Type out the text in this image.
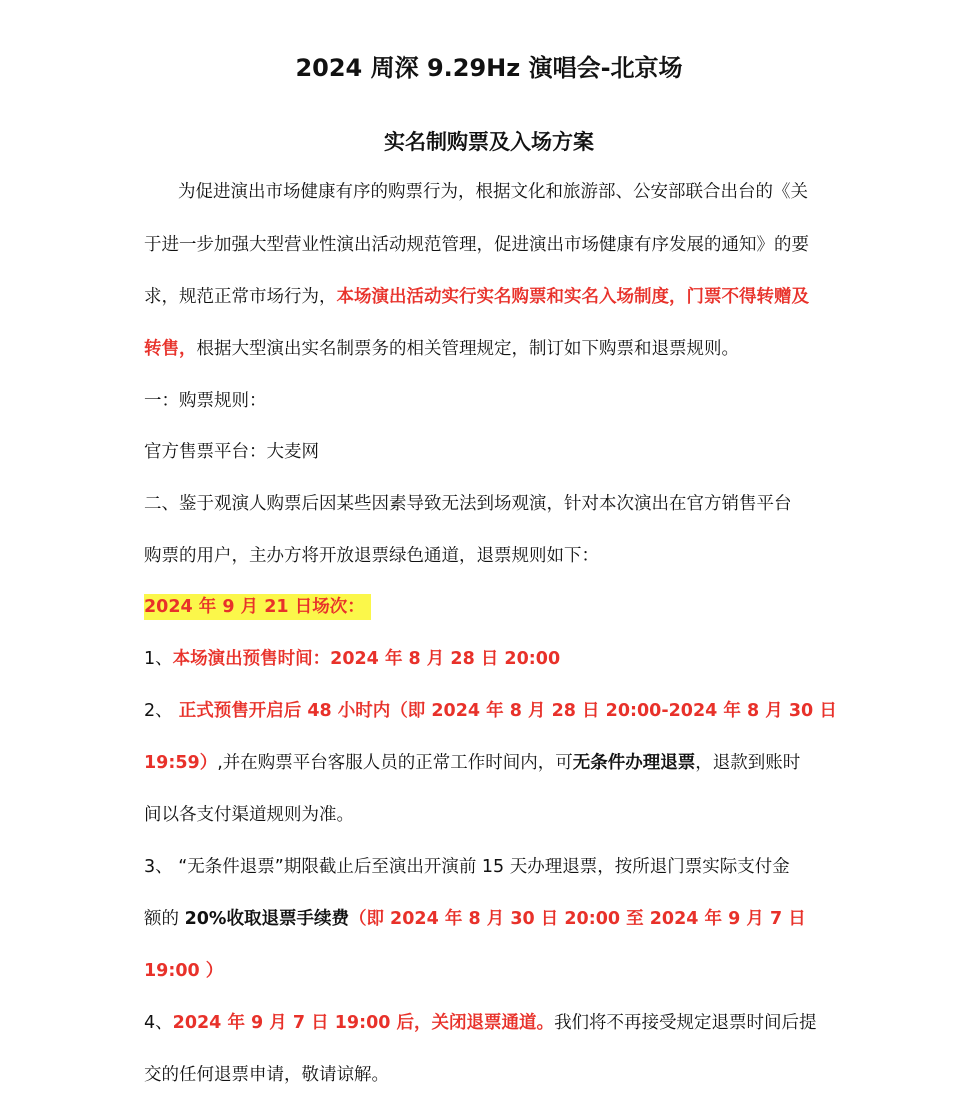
2024 周深 9.29Hz 演唱会-北京场
实名制购票及入场方案
为促进演出市场健康有序的购票行为，根据文化和旅游部、公安部联合出台的《关
于进一步加强大型营业性演出活动规范管理，促进演出市场健康有序发展的通知》的要
求，规范正常市场行为，本场演出活动实行实名购票和实名入场制度，门票不得转赠及
转售，根据大型演出实名制票务的相关管理规定，制订如下购票和退票规则。
一：购票规则：
官方售票平台：大麦网
二、鉴于观演人购票后因某些因素导致无法到场观演，针对本次演出在官方销售平台
购票的用户，主办方将开放退票绿色通道，退票规则如下：
2024 年 9 月 21 日场次：
1、本场演出预售时间：2024 年 8 月 28 日 20:00
2、 正式预售开启后 48 小时内（即 2024 年 8 月 28 日 20:00-2024 年 8 月 30 日
19:59）,并在购票平台客服人员的正常工作时间内，可无条件办理退票，退款到账时
间以各支付渠道规则为准。
3、 “无条件退票”期限截止后至演出开演前 15 天办理退票，按所退门票实际支付金
额的 20%收取退票手续费（即 2024 年 8 月 30 日 20:00 至 2024 年 9 月 7 日
19:00 ）
4、2024 年 9 月 7 日 19:00 后，关闭退票通道。我们将不再接受规定退票时间后提
交的任何退票申请，敬请谅解。
